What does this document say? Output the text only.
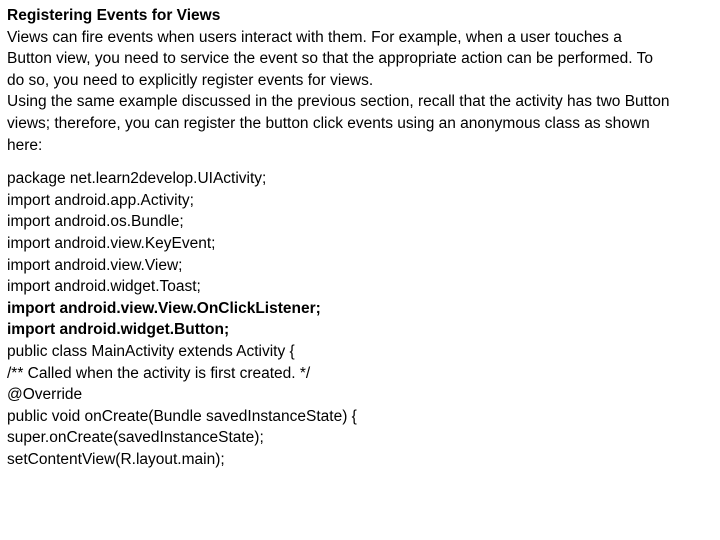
Registering Events for Views
Views can fire events when users interact with them. For example, when a user touches a
Button view, you need to service the event so that the appropriate action can be performed. To
do so, you need to explicitly register events for views.
Using the same example discussed in the previous section, recall that the activity has two Button
views; therefore, you can register the button click events using an anonymous class as shown
here:
package net.learn2develop.UIActivity;
import android.app.Activity;
import android.os.Bundle;
import android.view.KeyEvent;
import android.view.View;
import android.widget.Toast;
import android.view.View.OnClickListener;
import android.widget.Button;
public class MainActivity extends Activity {
/** Called when the activity is first created. */
@Override
public void onCreate(Bundle savedInstanceState) {
super.onCreate(savedInstanceState);
setContentView(R.layout.main);
